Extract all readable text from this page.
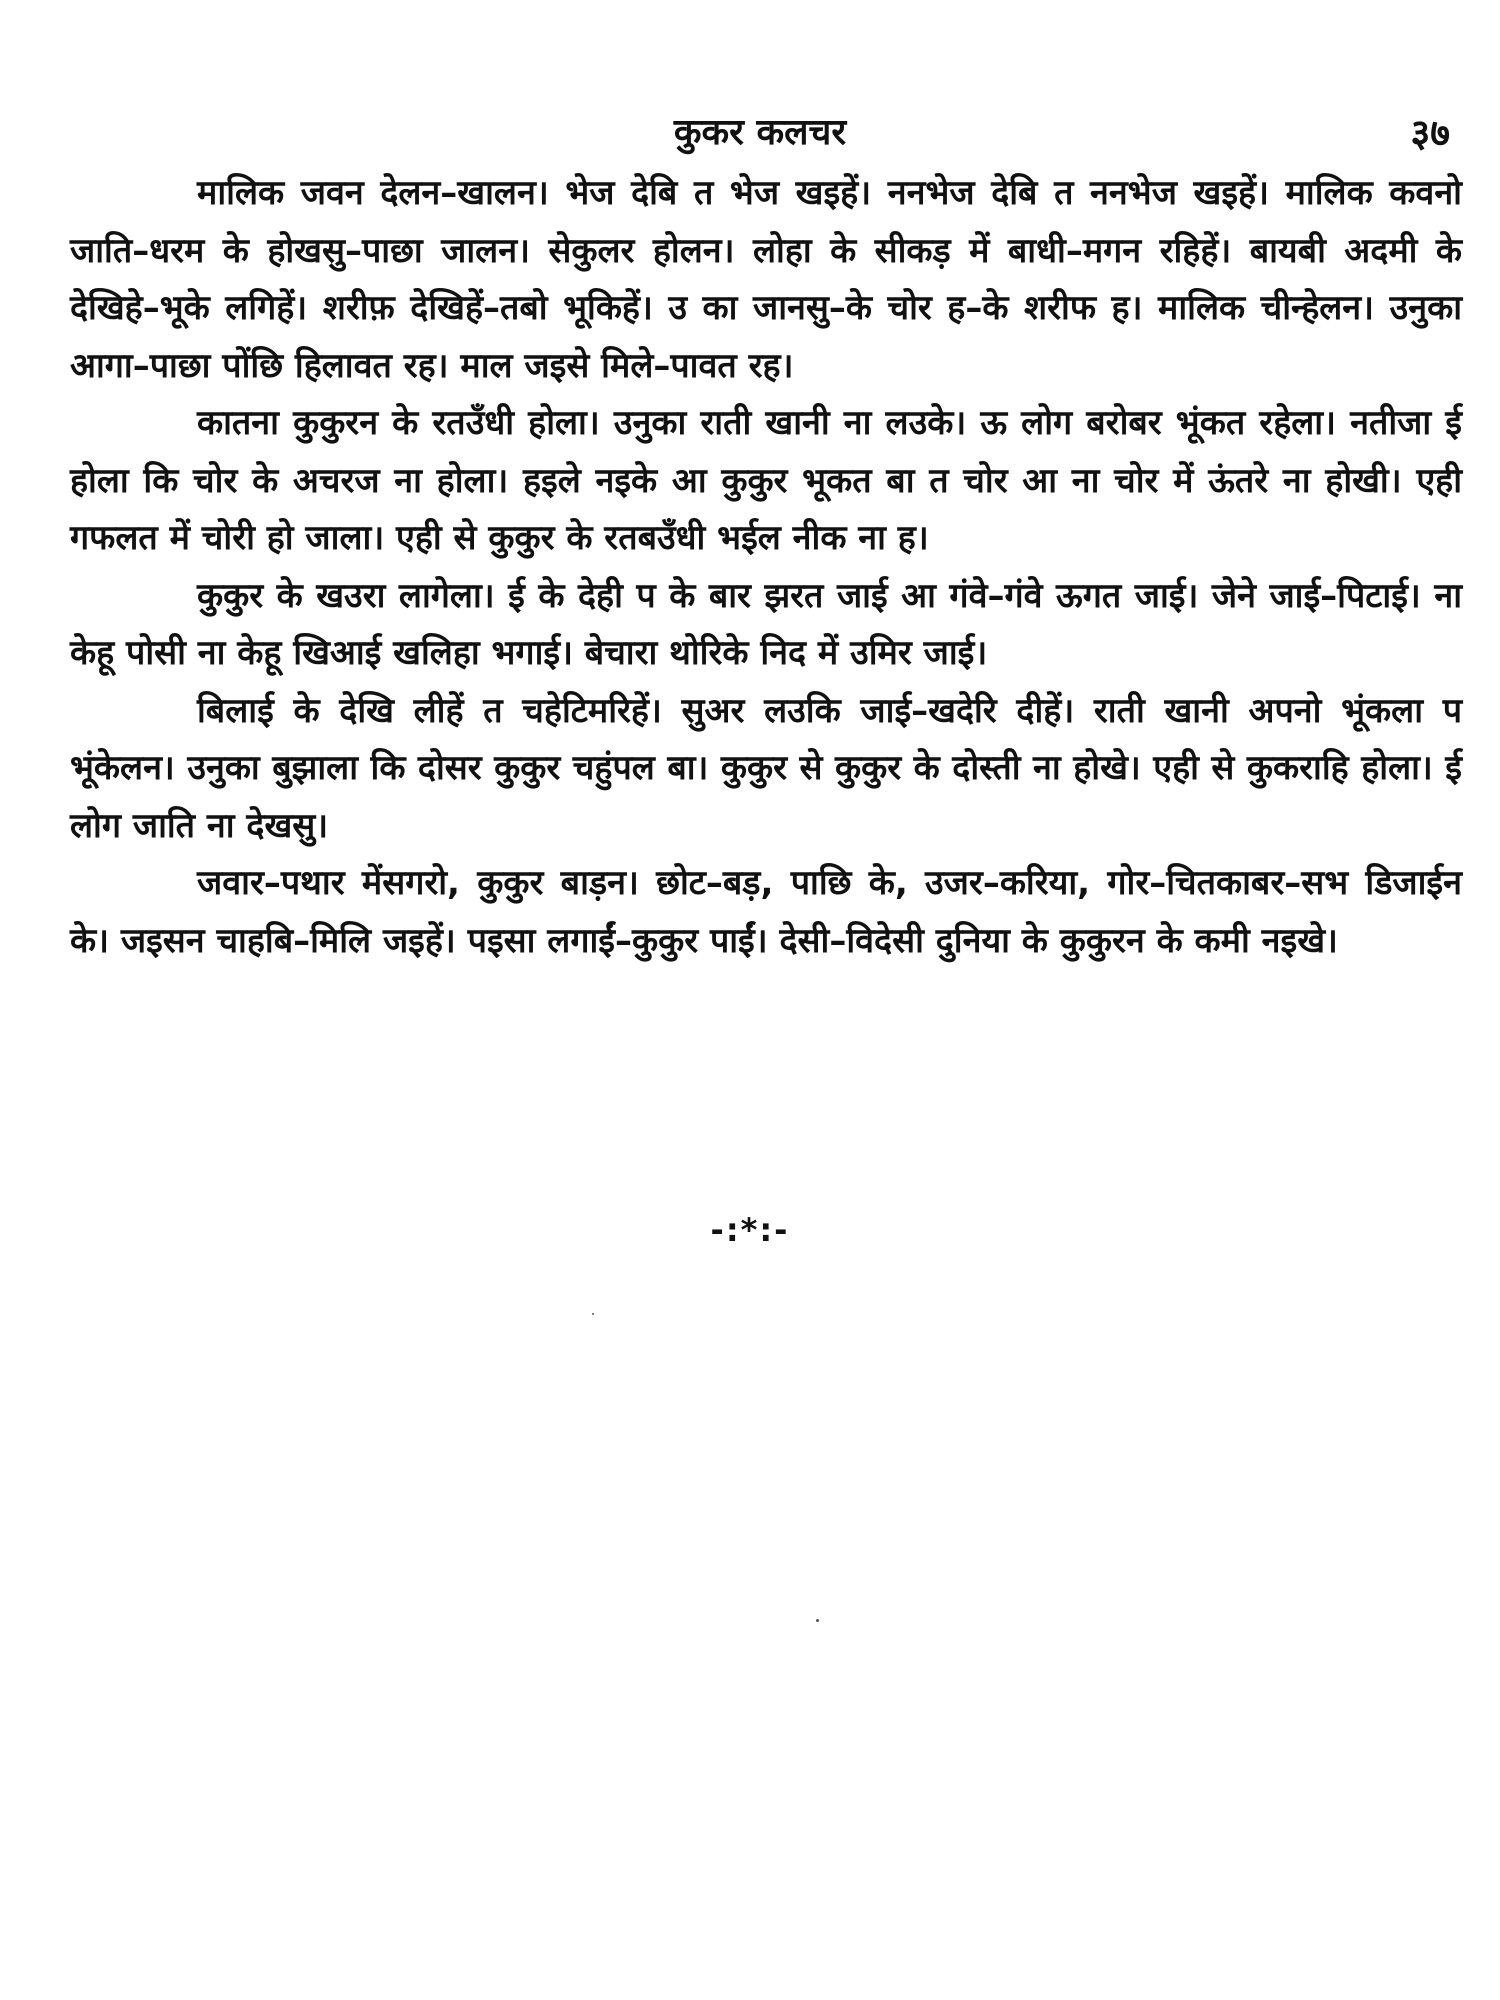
कुकर कलचर	३७

मालिक जवन देलन–खालन। भेज देबि त भेज खइहें। ननभेज देबि त ननभेज खइहें। मालिक कवनो जाति–धरम के होखसु–पाछा जालन। सेकुलर होलन। लोहा के सीकड़ में बाधी–मगन रहिहें। बायबी अदमी के देखिहे–भूके लगिहें। शरीफ़ देखिहें–तबो भूकिहें। उ का जानसु–के चोर ह–के शरीफ ह। मालिक चीन्हेलन। उनुका आगा–पाछा पोंछि हिलावत रह। माल जइसे मिले–पावत रह।

कातना कुकुरन के रतउँधी होला। उनुका राती खानी ना लउके। ऊ लोग बरोबर भूंकत रहेला। नतीजा ई होला कि चोर के अचरज ना होला। हइले नइके आ कुकुर भूकत बा त चोर आ ना चोर में ऊंतरे ना होखी। एही गफलत में चोरी हो जाला। एही से कुकुर के रतबउँधी भईल नीक ना ह।

कुकुर के खउरा लागेला। ई के देही प के बार झरत जाई आ गंवे–गंवे ऊगत जाई। जेने जाई–पिटाई। ना केहू पोसी ना केहू खिआई खलिहा भगाई। बेचारा थोरिके निद में उमिर जाई।

बिलाई के देखि लीहें त चहेटिमरिहें। सुअर लउकि जाई–खदेरि दीहें। राती खानी अपनो भूंकला प भूंकेलन। उनुका बुझाला कि दोसर कुकुर चहुंपल बा। कुकुर से कुकुर के दोस्ती ना होखे। एही से कुकराहि होला। ई लोग जाति ना देखसु।

जवार–पथार मेंसगरो, कुकुर बाड़न। छोट–बड़, पाछि के, उजर–करिया, गोर–चितकाबर–सभ डिजाईन के। जइसन चाहबि–मिलि जइहें। पइसा लगाईं–कुकुर पाईं। देसी–विदेसी दुनिया के कुकुरन के कमी नइखे।

-:*:-
